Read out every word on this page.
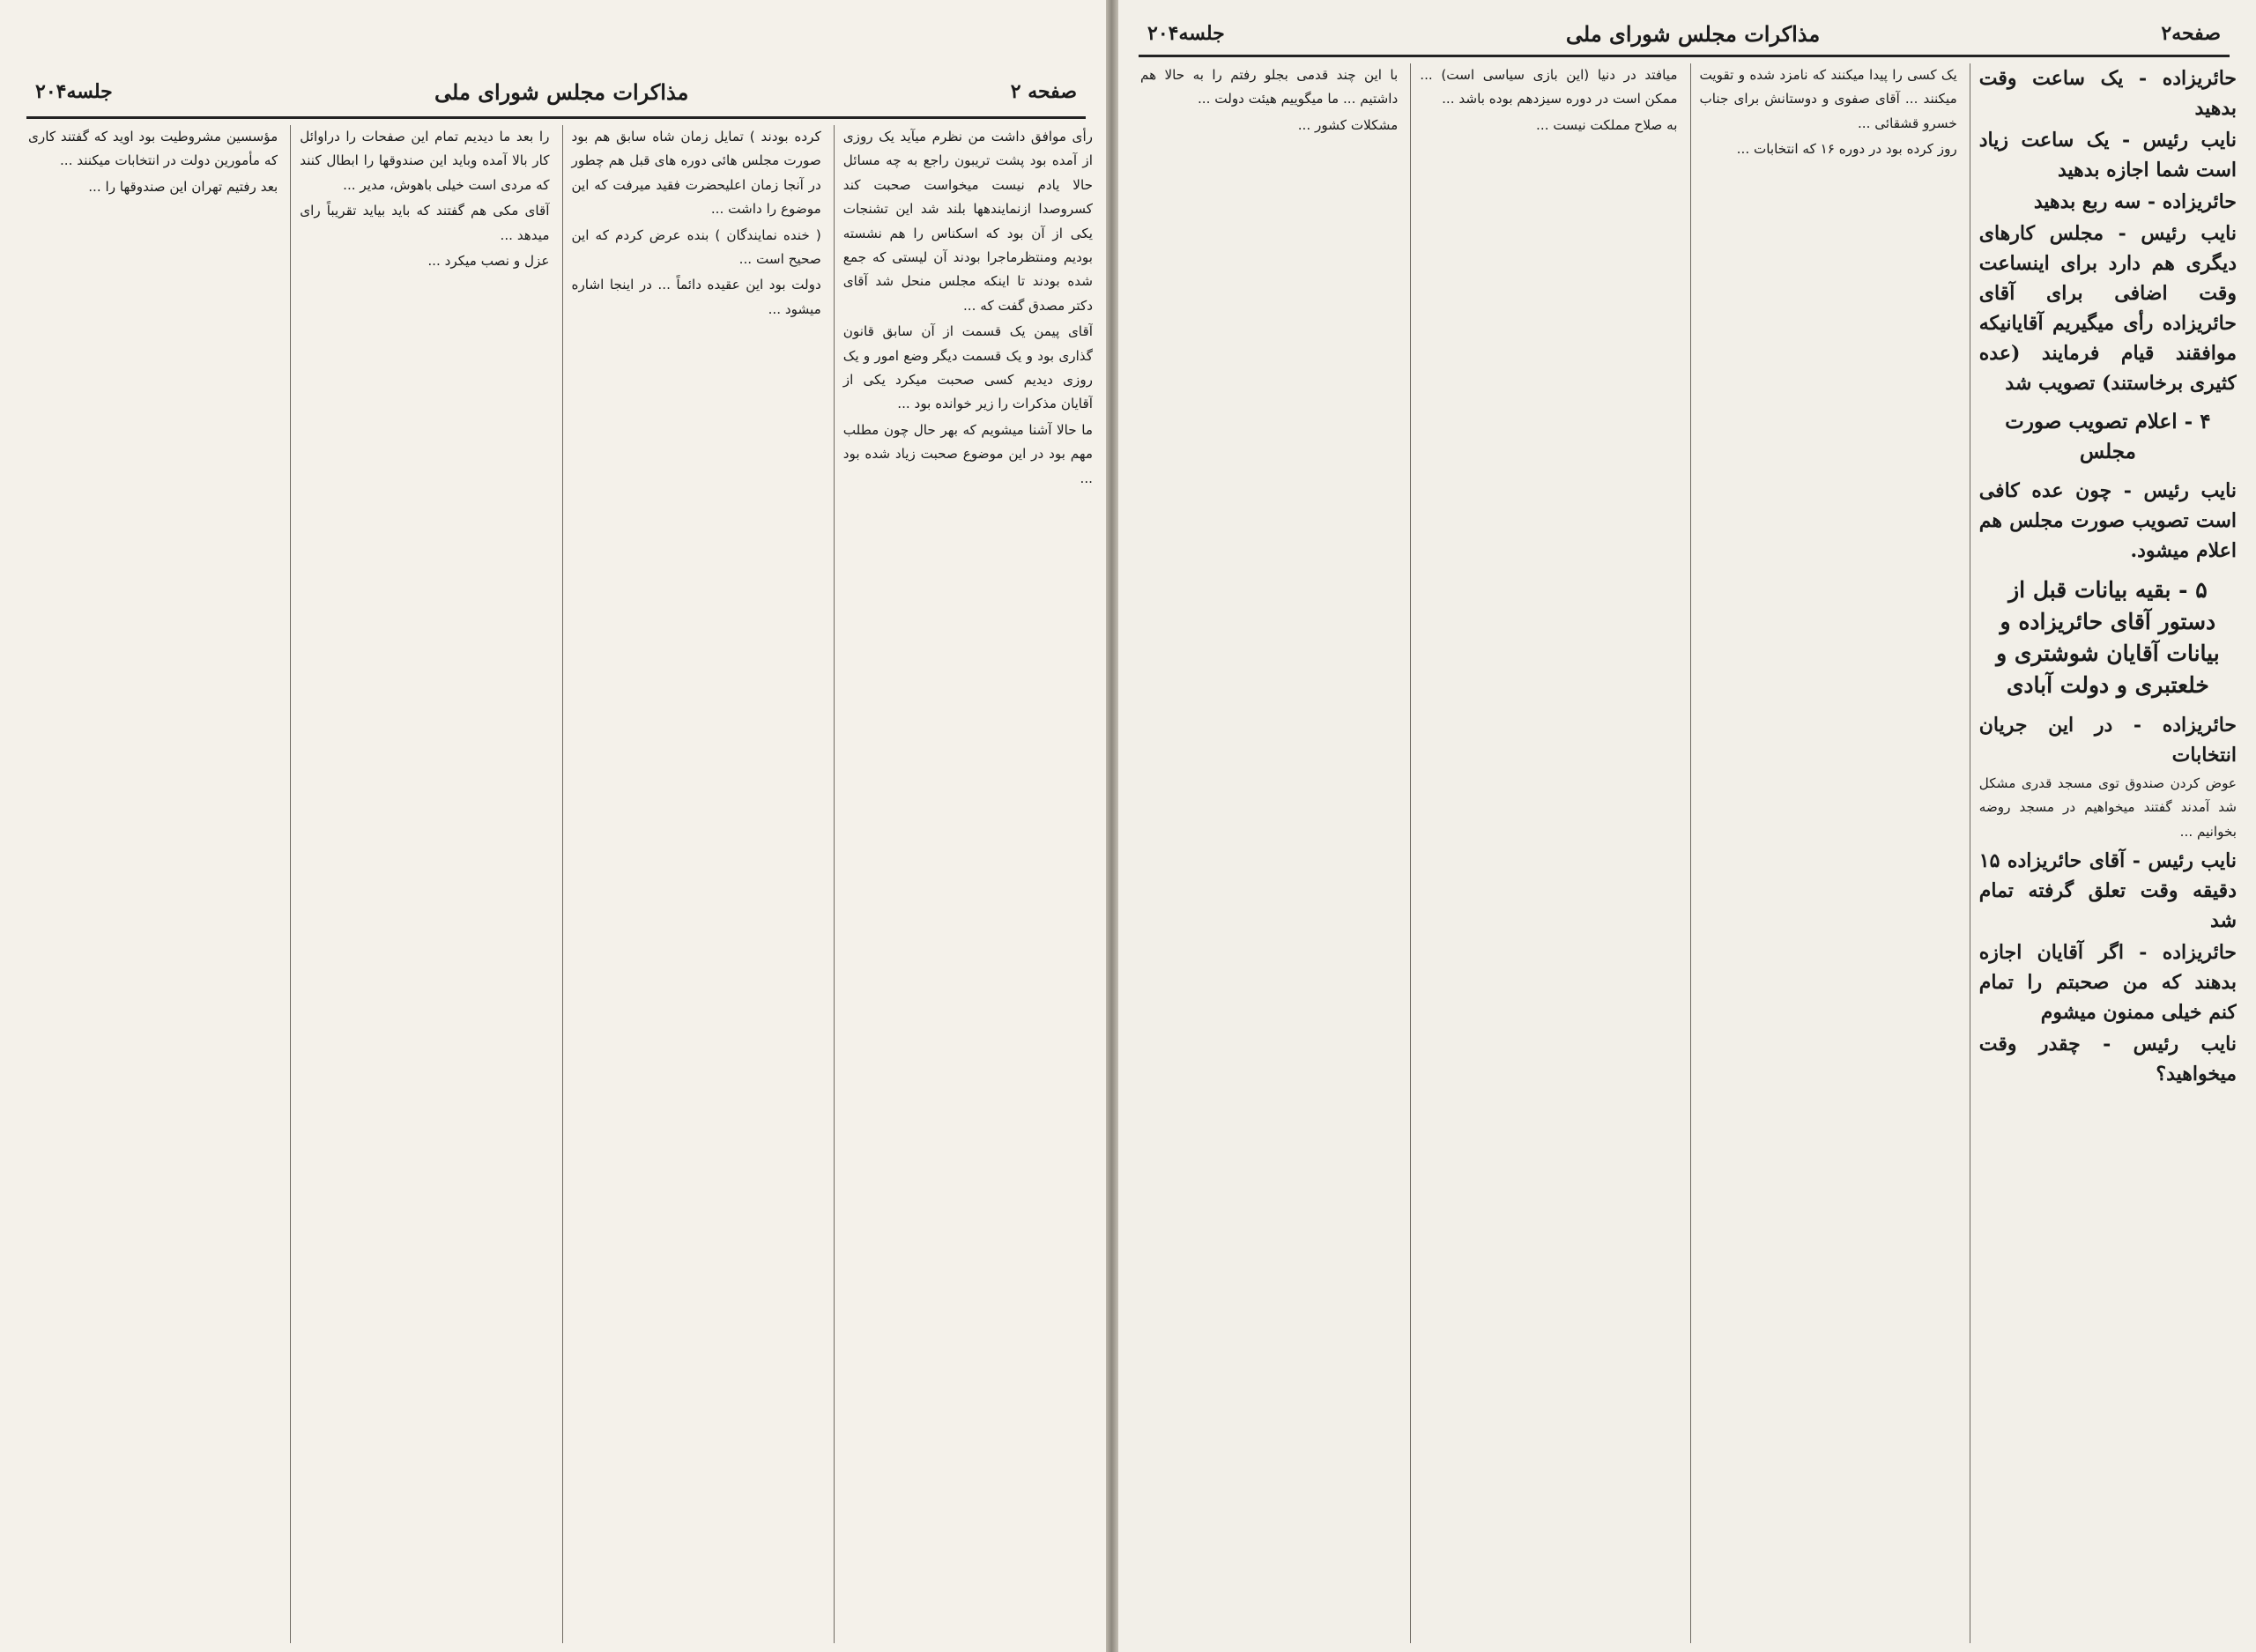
صفحه ۲
مذاکرات مجلس شورای ملی
جلسه۲۰۴

رأی موافق داشت من نظرم میآید یک روزی از آمده بود پشت تریبون راجع به چه مسائل حالا یادم نیست میخواست صحبت کند کسروصدا ازنمایندهها بلند شد این تشنجات یکی از آن بود که اسکناس را هم نشسته بودیم ومنتظرماجرا بودند آن لیستی که جمع شده بودند تا اینکه مجلس منحل شد آقای دکتر مصدق گفت که ...

آقای پیمن یک قسمت از آن سابق قانون گذاری بود و یک قسمت دیگر وضع امور و یک روزی دیدیم کسی صحبت میکرد یکی از آقایان مذکرات را زیر خوانده بود ...

ما حالا آشنا میشویم که بهر حال چون مطلب مهم بود در این موضوع صحبت زیاد شده بود ...

کرده بودند ) تمایل زمان شاه سابق هم بود صورت مجلس هائی دوره های قبل هم چطور در آنجا زمان اعلیحضرت فقید میرفت که این موضوع را داشت ...

( خنده نمایندگان ) بنده عرض کردم که این صحیح است ...

دولت بود این عقیده دائماً ... در اینجا اشاره میشود ...

را بعد ما دیدیم تمام این صفحات را دراوائل کار بالا آمده وباید این صندوقها را ابطال کنند که مردی است خیلی باهوش، مدیر ...

آقای مکی هم گفتند که باید بیاید تقریباً رای میدهد ...

عزل و نصب میکرد ...

مؤسسین مشروطیت بود اوید که گفتند کاری که مأمورین دولت در انتخابات میکنند ...

بعد رفتیم تهران این صندوقها را ...

صفحه۲
مذاکرات مجلس شورای ملی
جلسه۲۰۴

حائریزاده - یک ساعت وقت بدهید

نایب رئیس - یک ساعت زیاد است شما اجازه بدهید

حائریزاده - سه ربع بدهید

نایب رئیس - مجلس کارهای دیگری هم دارد برای اینساعت وقت اضافی برای آقای حائریزاده رأی میگیریم آقایانیکه موافقند قیام فرمایند (عده کثیری برخاستند) تصویب شد

۴ - اعلام تصویب صورت مجلس

نایب رئیس - چون عده کافی است تصویب صورت مجلس هم اعلام میشود.

۵ - بقیه بیانات قبل از دستور آقای حائریزاده و بیانات آقایان شوشتری و خلعتبری و دولت آبادی

حائریزاده - در این جریان انتخابات

عوض کردن صندوق توی مسجد قدری مشکل شد آمدند گفتند میخواهیم در مسجد روضه بخوانیم ...

نایب رئیس - آقای حائریزاده ۱۵ دقیقه وقت تعلق گرفته تمام شد

حائریزاده - اگر آقایان اجازه بدهند که من صحبتم را تمام کنم خیلی ممنون میشوم

نایب رئیس - چقدر وقت میخواهید؟

یک کسی را پیدا میکنند که نامزد شده و تقویت میکنند ... آقای صفوی و دوستانش برای جناب خسرو قشقائی ...

روز کرده بود در دوره ۱۶ که انتخابات ...

میافتد در دنیا (این بازی سیاسی است) ... ممکن است در دوره سیزدهم بوده باشد ...

به صلاح مملکت نیست ...

با این چند قدمی بجلو رفتم را به حالا هم داشتیم ... ما میگوییم هیئت دولت ...

مشکلات کشور ...
